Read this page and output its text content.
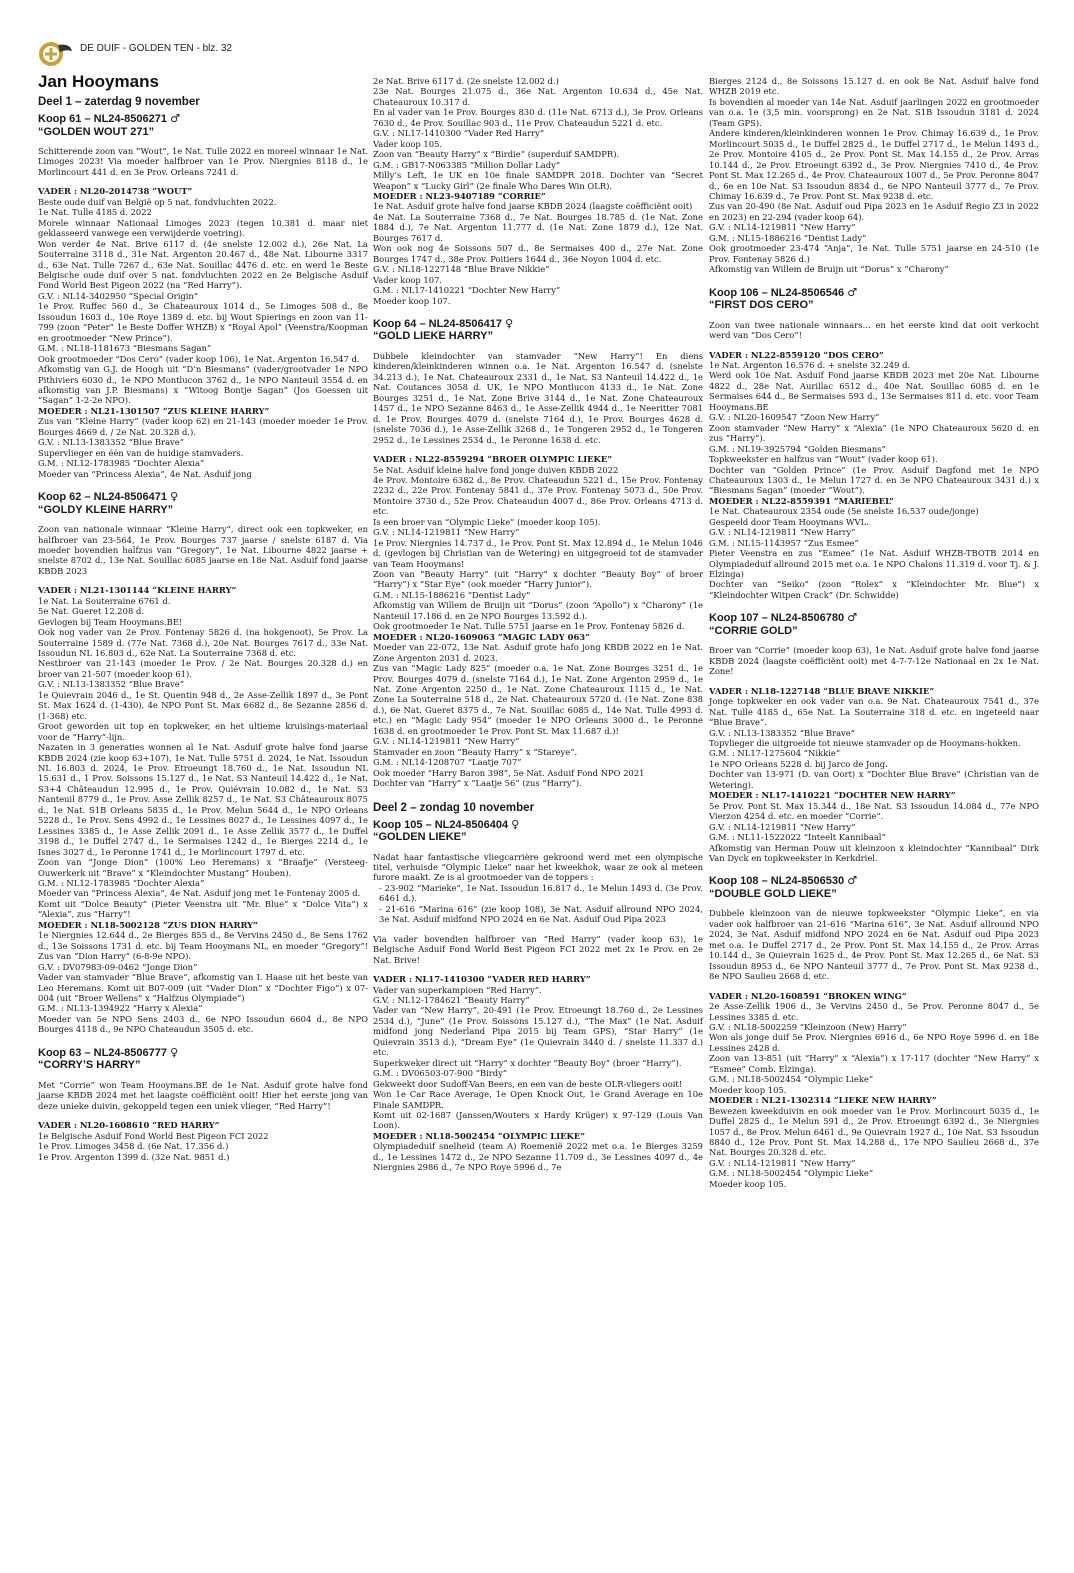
DE DUIF - GOLDEN TEN - blz. 32
Jan Hooymans
Deel 1 – zaterdag 9 november
Koop 61 – NL24-8506271 ♂
“GOLDEN WOUT 271”

Schitterende zoon van “Wout”, 1e Nat. Tulle 2022 en moreel winnaar 1e Nat. Limoges 2023! Via moeder halfbroer van 1e Prov. Niergnies 8118 d., 1e Morlincourt 441 d. en 3e Prov. Orleans 7241 d.

VADER : NL20-2014738 “WOUT”

Beste oude duif van België op 5 nat. fondvluchten 2022.

1e Nat. Tulle 4185 d. 2022

Morele winnaar Nationaal Limoges 2023 (tegen 10.381 d. maar niet geklasseerd vanwege een verwijderde voetring).

Won verder 4e Nat. Brive 6117 d. (4e snelste 12.002 d.), 26e Nat. La Souterraine 3118 d., 31e Nat. Argenton 20.467 d., 48e Nat. Libourne 3317 d., 63e Nat. Tulle 7267 d., 63e Nat. Souillac 4476 d. etc. en werd 1e Beste Belgische oude duif over 5 nat. fondvluchten 2022 en 2e Belgische Asduif Fond World Best Pigeon 2022 (na “Red Harry”).

G.V. : NL14-3402950 “Special Origin”

1e Prov. Ruffec 560 d., 3e Chateauroux 1014 d., 5e Limoges 508 d., 8e Issoudun 1603 d., 10e Roye 1389 d. etc. bij Wout Spierings en zoon van 11-799 (zoon “Peter” 1e Beste Doffer WHZB) x “Royal Apol” (Veenstra/Koopman en grootmoeder “New Prince”).

G.M. : NL18-1181673 “Biesmans Sagan”

Ook grootmoeder “Dos Cero” (vader koop 106), 1e Nat. Argenton 16.547 d.

Afkomstig van G.J. de Hoogh uit “D’n Biesmans” (vader/grootvader 1e NPO Pithiviers 6030 d., 1e NPO Montlucon 3762 d., 1e NPO Nanteuil 3554 d. en afkomstig van J.P. Biesmans) x “Witoog Bontje Sagan” (Jos Goessen uit “Sagan” 1-2-2e NPO).

MOEDER : NL21-1301507 “ZUS KLEINE HARRY”

Zus van “Kleine Harry” (vader koop 62) en 21-143 (moeder moeder 1e Prov. Bourges 4669 d. / 2e Nat. 20.328 d.).

G.V. : NL13-1383352 “Blue Brave”

Supervlieger en één van de huidige stamvaders.

G.M. : NL12-1783985 “Dochter Alexia”

Moeder van “Princess Alexia”, 4e Nat. Asduif jong

Koop 62 – NL24-8506471 ♀
“GOLDY KLEINE HARRY”

Zoon van nationale winnaar “Kleine Harry”, direct ook een topkweker, en halfbroer van 23-564, 1e Prov. Bourges 737 jaarse / snelste 6187 d. Via moeder bovendien halfzus van “Gregory”, 1e Nat. Libourne 4822 jaarse + snelste 8702 d., 13e Nat. Souillac 6085 jaarse en 18e Nat. Asduif fond jaarse KBDB 2023

VADER : NL21-1301144 “KLEINE HARRY”

1e Nat. La Souterraine 6761 d.

5e Nat. Gueret 12.208 d.

Gevlogen bij Team Hooymans.BE!

Ook nog vader van 2e Prov. Fontenay 5826 d. (na hokgenoot), 5e Prov. La Souterraine 1589 d. (77e Nat. 7368 d.), 20e Nat. Bourges 7617 d., 33e Nat. Issoudun NL 16.803 d., 62e Nat. La Souterraine 7368 d. etc.

Nestbroer van 21-143 (moeder 1e Prov. / 2e Nat. Bourges 20.328 d.) en broer van 21-507 (moeder koop 61).

G.V. : NL13-1383352 “Blue Brave”

1e Quievrain 2046 d., 1e St. Quentin 948 d., 2e Asse-Zellik 1897 d., 3e Pont St. Max 1624 d. (1-430), 4e NPO Pont St. Max 6682 d., 8e Sezanne 2856 d. (1-368) etc.

Groot geworden uit top en topkweker, en het ultieme kruisings-materiaal voor de “Harry”-lijn.

Nazaten in 3 generaties wonnen al 1e Nat. Asduif grote halve fond jaarse KBDB 2024 (zie koop 63+107), 1e Nat. Tulle 5751 d. 2024, 1e Nat. Issoudun NL 16.803 d. 2024, 1e Prov. Etroeungt 18.760 d., 1e Nat. Issoudun NL 15.631 d., 1 Prov. Soissons 15.127 d., 1e Nat. S3 Nanteuil 14.422 d., 1e Nat. S3+4 Châteaudun 12.995 d., 1e Prov. Quiévrain 10.082 d., 1e Nat. S3 Nanteuil 8779 d., 1e Prov. Asse Zellik 8257 d., 1e Nat. S3 Châteauroux 8075 d., 1e Nat. S1B Orleans 5835 d., 1e Prov. Melun 5644 d., 1e NPO Orleans 5228 d., 1e Prov. Sens 4992 d., 1e Lessines 8027 d., 1e Lessines 4097 d., 1e Lessines 3385 d., 1e Asse Zellik 2091 d., 1e Asse Zellik 3577 d., 1e Duffel 3198 d., 1e Duffel 2747 d., 1e Sermaises 1242 d., 1e Bierges 2214 d., 1e Isnes 3027 d., 1e Peronne 1741 d., 1e Morlincourt 1797 d. etc.

Zoon van “Jonge Dion” (100% Leo Heremans) x “Braafje” (Versteeg-Ouwerkerk uit “Brave” x “Kleindochter Mustang” Houben).

G.M. : NL12-1783985 “Dochter Alexia”

Moeder van “Princess Alexia”, 4e Nat. Asduif jong met 1e Fontenay 2005 d.

Komt uit “Dolce Beauty” (Pieter Veenstra uit “Mr. Blue” x “Dolce Vita”) x “Alexia”, zus “Harry”!

MOEDER : NL18-5002128 “ZUS DION HARRY”

1e Niergnies 12.644 d., 2e Bierges 855 d., 8e Vervins 2450 d., 8e Sens 1762 d., 13e Soissons 1731 d. etc. bij Team Hooymans NL, en moeder “Gregory”! Zus van “Dion Harry” (6-8-9e NPO).

G.V. : DV07983-09-0462 “Jonge Dion”

Vader van stamvader “Blue Brave”, afkomstig van I. Haase uit het beste van Leo Heremans. Komt uit B07-009 (uit “Vader Dion” x “Dochter Figo”) x 07-004 (uit “Broer Wellens” x “Halfzus Olympiade”)

G.M. : NL13-1394922 “Harry x Alexia”

Moeder van 5e NPO Sens 2403 d., 6e NPO Issoudun 6604 d., 8e NPO Bourges 4118 d., 9e NPO Chateaudun 3505 d. etc.

Koop 63 – NL24-8506777 ♀
“CORRY’S HARRY”

Met “Corrie” won Team Hooymans.BE de 1e Nat. Asduif grote halve fond jaarse KBDB 2024 met het laagste coëfficiënt ooit! Hier het eerste jong van deze unieke duivin, gekoppeld tegen een uniek vlieger, “Red Harry”!

VADER : NL20-1608610 “RED HARRY”

1e Belgische Asduif Fond World Best Pigeon FCI 2022

1e Prov. Limoges 3458 d. (6e Nat. 17.356 d.)

1e Prov. Argenton 1399 d. (32e Nat. 9851 d.)

2e Nat. Brive 6117 d. (2e snelste 12.002 d.)

23e Nat. Bourges 21.075 d., 36e Nat. Argenton 10.634 d., 45e Nat. Chateauroux 10.317 d.

En al vader van 1e Prov. Bourges 830 d. (11e Nat. 6713 d.), 3e Prov. Orleans 7630 d., 4e Prov. Souillac 903 d., 11e Prov. Chateaudun 5221 d. etc.

G.V. : NL17-1410300 “Vader Red Harry”

Vader koop 105.

Zoon van “Beauty Harry” x “Birdie” (superduif SAMDPR).

G.M. : GB17-N063385 “Million Dollar Lady”

Milly’s Left, 1e UK en 10e finale SAMDPR 2018. Dochter van “Secret Weapon” x “Lucky Girl” (2e finale Who Dares Win OLR).

MOEDER : NL23-9407189 “CORRIE”

1e Nat. Asduif grote halve fond jaarse KBDB 2024 (laagste coëfficiënt ooit)

4e Nat. La Souterraine 7368 d., 7e Nat. Bourges 18.785 d. (1e Nat. Zone 1884 d.), 7e Nat. Argenton 11.777 d. (1e Nat. Zone 1879 d.), 12e Nat. Bourges 7617 d.

Won ook nog 4e Soissons 507 d., 8e Sermaises 400 d., 27e Nat. Zone Bourges 1747 d., 38e Prov. Poitiers 1644 d., 36e Noyon 1004 d. etc.

G.V. : NL18-1227148 “Blue Brave Nikkie”

Vader koop 107.

G.M. : NL17-1410221 “Dochter New Harry”

Moeder koop 107.

Koop 64 – NL24-8506417 ♀
“GOLD LIEKE HARRY”

Dubbele kleindochter van stamvader “New Harry”! En diens kinderen/kleinkinderen winnen o.a. 1e Nat. Argenton 16.547 d. (snelste 34.213 d.), 1e Nat. Chateauroux 2331 d., 1e Nat. S3 Nanteuil 14.422 d., 1e Nat. Coutances 3058 d. UK, 1e NPO Montlucon 4133 d., 1e Nat. Zone Bourges 3251 d., 1e Nat. Zone Brive 3144 d., 1e Nat. Zone Chateauroux 1457 d., 1e NPO Sezanne 8463 d., 1e Asse-Zellik 4944 d., 1e Neeritter 7081 d. 1e Prov. Bourges 4079 d. (snelste 7164 d.), 1e Prov. Bourges 4628 d. (snelste 7036 d.), 1e Asse-Zellik 3268 d., 1e Tongeren 2952 d., 1e Tongeren 2952 d., 1e Lessines 2534 d., 1e Peronne 1638 d. etc.

VADER : NL22-8559294 “BROER OLYMPIC LIEKE”

5e Nat. Asduif kleine halve fond jonge duiven KBDB 2022

4e Prov. Montoire 6382 d., 8e Prov. Chateaudun 5221 d., 15e Prov. Fontenay 2232 d., 22e Prov. Fontenay 5841 d., 37e Prov. Fontenay 5073 d., 50e Prov. Montoire 3730 d., 52e Prov. Chateaudun 4007 d., 86e Prov. Orleans 4713 d. etc.

Is een broer van “Olympic Lieke” (moeder koop 105).

G.V. : NL14-1219811 “New Harry”

1e Prov. Niergnies 14.737 d., 1e Prov. Pont St. Max 12.894 d., 1e Melun 1046 d. (gevlogen bij Christian van de Wetering) en uitgegroeid tot de stamvader van Team Hooymans!

Zoon van “Beauty Harry” (uit “Harry” x dochter “Beauty Boy” of broer “Harry”) x “Star Eye” (ook moeder “Harry Junior”).

G.M. : NL15-1886216 “Dentist Lady”

Afkomstig van Willem de Bruijn uit “Dorus” (zoon “Apollo”) x “Charony” (1e Nanteuil 17.186 d. en 2e NPO Bourges 13.592 d.).

Ook grootmoeder 1e Nat. Tulle 5751 jaarse en 1e Prov. Fontenay 5826 d.

MOEDER : NL20-1609063 “MAGIC LADY 063”

Moeder van 22-072, 13e Nat. Asduif grote hafo jong KBDB 2022 en 1e Nat. Zone Argenton 2031 d. 2023.

Zus van “Magic Lady 825” (moeder o.a. 1e Nat. Zone Bourges 3251 d., 1e Prov. Bourges 4079 d. (snelste 7164 d.), 1e Nat. Zone Argenton 2959 d., 1e Nat. Zone Argenton 2250 d., 1e Nat. Zone Chateauroux 1115 d., 1e Nat. Zone La Souterraine 518 d., 2e Nat. Chateauroux 5720 d. (1e Nat. Zone 838 d.), 6e Nat. Gueret 8375 d., 7e Nat. Souillac 6085 d., 14e Nat. Tulle 4993 d. etc.) en “Magic Lady 954” (moeder 1e NPO Orleans 3000 d., 1e Peronne 1638 d. en grootmoeder 1e Prov. Pont St. Max 11.687 d.)!

G.V. : NL14-1219811 “New Harry”

Stamvader en zoon “Beauty Harry” x “Stareye”.

G.M. : NL14-1208707 “Laatje 707”

Ook moeder “Harry Baron 398”, 5e Nat. Asduif Fond NPO 2021

Dochter van “Harry” x “Laatje 56” (zus “Harry”).

Deel 2 – zondag 10 november
Koop 105 – NL24-8506404 ♀
“GOLDEN LIEKE”

Nadat haar fantastische vliegcarrière gekroond werd met een olympische titel, verhuisde “Olympic Lieke” naar het kweekhok, waar ze ook al meteen furore maakt. Ze is al grootmoeder van de toppers :

- 23-902 “Marieke”, 1e Nat. Issoudun 16.817 d., 1e Melun 1493 d. (3e Prov. 6461 d.).

- 21-616 “Marina 616” (zie koop 108), 3e Nat. Asduif allround NPO 2024, 3e Nat. Asduif midfond NPO 2024 en 6e Nat. Asduif Oud Pipa 2023

Via vader bovendien halfbroer van “Red Harry” (vader koop 63), 1e Belgische Asduif Fond World Best Pigeon FCI 2022 met 2x 1e Prov. en 2e Nat. Brive!

VADER : NL17-1410300 “VADER RED HARRY”

Vader van superkampioen “Red Harry”.

G.V. : NL12-1784621 “Beauty Harry”

Vader van “New Harry”, 20-491 (1e Prov. Etroeungt 18.760 d., 2e Lessines 2534 d.), “June” (1e Prov. Soissons 15.127 d.), “The Max” (1e Nat. Asduif midfond jong Nederland Pipa 2015 bij Team GPS), “Star Harry” (1e Quievrain 3513 d.), “Dream Eye” (1e Quievrain 3440 d. / snelste 11.337 d.) etc.

Superkweker direct uit “Harry” x dochter “Beauty Boy” (broer “Harry”).

G.M. : DV06503-07-900 “Birdy”

Gekweekt door Sudoff-Van Beers, en een van de beste OLR-vliegers ooit!

Won 1e Car Race Average, 1e Open Knock Out, 1e Grand Average en 10e Finale SAMDPR.

Komt uit 02-1687 (Janssen/Wouters x Hardy Krüger) x 97-129 (Louis Van Loon).

MOEDER : NL18-5002454 “OLYMPIC LIEKE”

Olympiadeduif snelheid (team A) Roemenië 2022 met o.a. 1e Bierges 3259 d., 1e Lessines 1472 d., 2e NPO Sezanne 11.709 d., 3e Lessines 4097 d., 4e Niergnies 2986 d., 7e NPO Roye 5996 d., 7e

Bierges 2124 d., 8e Soissons 15.127 d. en ook 8e Nat. Asduif halve fond WHZB 2019 etc.

Is bovendien al moeder van 14e Nat. Asduif jaarlingen 2022 en grootmoeder van o.a. 1e (3,5 min. voorsprong) en 2e Nat. S1B Issoudun 3181 d. 2024 (Team GPS).

Andere kinderen/kleinkinderen wonnen 1e Prov. Chimay 16.639 d., 1e Prov. Morlincourt 5035 d., 1e Duffel 2825 d., 1e Duffel 2717 d., 1e Melun 1493 d., 2e Prov. Montoire 4105 d., 2e Prov. Pont St. Max 14.155 d., 2e Prov. Arras 10.144 d., 2e Prov. Etroeungt 6392 d., 3e Prov. Niergnies 7410 d., 4e Prov. Pont St. Max 12.265 d., 4e Prov. Chateauroux 1007 d., 5e Prov. Peronne 8047 d., 6e en 10e Nat. S3 Issoudun 8834 d., 6e NPO Nanteuil 3777 d., 7e Prov. Chimay 16.639 d., 7e Prov. Pont St. Max 9238 d. etc.

Zus van 20-490 (8e Nat. Asduif oud Pipa 2023 en 1e Asduif Regio Z3 in 2022 en 2023) en 22-294 (vader koop 64).

G.V. : NL14-1219811 “New Harry”

G.M. : NL15-1886216 “Dentist Lady”

Ook grootmoeder 23-474 “Anja”, 1e Nat. Tulle 5751 jaarse en 24-510 (1e Prov. Fontenay 5826 d.)

Afkomstig van Willem de Bruijn uit “Dorus” x “Charony”

Koop 106 – NL24-8506546 ♂
“FIRST DOS CERO”

Zoon van twee nationale winnaars… en het eerste kind dat ooit verkocht werd van “Dos Cero”!

VADER : NL22-8559120 “DOS CERO”

1e Nat. Argenton 16.576 d. + snelste 32.249 d.

Werd ook 10e Nat. Asduif Fond jaarse KBDB 2023 met 20e Nat. Libourne 4822 d., 28e Nat. Aurillac 6512 d., 40e Nat. Souillac 6085 d. en 1e Sermaises 644 d., 8e Sermaises 593 d., 13e Sermaises 811 d. etc. voor Team Hooymans.BE

G.V. : NL20-1609547 “Zoon New Harry”

Zoon stamvader “New Harry” x “Alexia” (1e NPO Chateauroux 5620 d. en zus “Harry”).

G.M. : NL19-3925794 “Golden Biesmans”

Topkweekster en halfzus van “Wout” (vader koop 61).

Dochter van “Golden Prince” (1e Prov. Asduif Dagfond met 1e NPO Chateauroux 1303 d., 1e Melun 1727 d. en 3e NPO Chateauroux 3431 d.) x “Biesmans Sagan” (moeder “Wout”).

MOEDER : NL22-8559391 “MARIEBEL”

1e Nat. Chateauroux 2354 oude (5e snelste 16.537 oude/jonge)

Gespeeld door Team Hooymans WVL.

G.V. : NL14-1219811 “New Harry”

G.M. : NL15-1143957 “Zus Esmee”

Pieter Veenstra en zus “Esmee” (1e Nat. Asduif WHZB-TBOTB 2014 en Olympiadeduif allround 2015 met o.a. 1e NPO Chalons 11.319 d. voor Tj. & J. Elzinga)

Dochter van “Seiko” (zoon “Rolex” x “Kleindochter Mr. Blue”) x “Kleindochter Witpen Crack” (Dr. Schwidde)

Koop 107 – NL24-8506780 ♂
“CORRIE GOLD”

Broer van “Corrie” (moeder koop 63), 1e Nat. Asduif grote halve fond jaarse KBDB 2024 (laagste coëfficiënt ooit) met 4-7-7-12e Nationaal en 2x 1e Nat. Zone!

VADER : NL18-1227148 “BLUE BRAVE NIKKIE”

Jonge topkweker en ook vader van o.a. 9e Nat. Chateauroux 7541 d., 37e Nat. Tulle 4185 d., 65e Nat. La Souterraine 318 d. etc. en ingeteeld naar “Blue Brave”.

G.V. : NL13-1383352 “Blue Brave”

Topvlieger die uitgroeide tot nieuwe stamvader op de Hooymans-hokken.

G.M. : NL17-1275604 “Nikkie”

1e NPO Orleans 5228 d. bij Jarco de Jong.

Dochter van 13-971 (D. van Oort) x “Dochter Blue Brave” (Christian van de Wetering).

MOEDER : NL17-1410221 “DOCHTER NEW HARRY”

5e Prov. Pont St. Max 15.344 d., 18e Nat. S3 Issoudun 14.084 d., 77e NPO Vierzon 4254 d. etc. en moeder “Corrie”.

G.V. : NL14-1219811 “New Harry”

G.M. : NL11-1522022 “Inteelt Kannibaal”

Afkomstig van Herman Pouw uit kleinzoon x kleindochter “Kannibaal” Dirk Van Dyck en topkweekster in Kerkdriel.

Koop 108 – NL24-8506530 ♂
“DOUBLE GOLD LIEKE”

Dubbele kleinzoon van de nieuwe topkweekster “Olympic Lieke”, en via vader ook halfbroer van 21-616 “Marina 616”, 3e Nat. Asduif allround NPO 2024, 3e Nat. Asduif midfond NPO 2024 en 6e Nat. Asduif oud Pipa 2023 met o.a. 1e Duffel 2717 d., 2e Prov. Pont St. Max 14.155 d., 2e Prov. Arras 10.144 d., 3e Quievrain 1625 d., 4e Prov. Pont St. Max 12.265 d., 6e Nat. S3 Issoudun 8953 d., 6e NPO Nanteuil 3777 d., 7e Prov. Pont St. Max 9238 d., 8e NPO Saulieu 2668 d. etc.

VADER : NL20-1608591 “BROKEN WING”

2e Asse-Zellik 1906 d., 3e Vervins 2450 d., 5e Prov. Peronne 8047 d., 5e Lessines 3385 d. etc.

G.V. : NL18-5002259 “Kleinzoon (New) Harry”

Won als jonge duif 5e Prov. Niergnies 6916 d., 6e NPO Roye 5996 d. en 18e Lessines 2428 d.

Zoon van 13-851 (uit “Harry” x “Alexia”) x 17-117 (dochter “New Harry” x “Esmee” Comb. Elzinga).

G.M. : NL18-5002454 “Olympic Lieke”

Moeder koop 105.

MOEDER : NL21-1302314 “LIEKE NEW HARRY”

Bewezen kweekduivin en ook moeder van 1e Prov. Morlincourt 5035 d., 1e Duffel 2825 d., 1e Melun 591 d., 2e Prov. Etroeungt 6392 d., 3e Niergnies 1057 d., 8e Prov. Melun 6461 d., 9e Quievrain 1927 d., 10e Nat. S3 Issoudun 8840 d., 12e Prov. Pont St. Max 14.288 d., 17e NPO Saulieu 2668 d., 37e Nat. Bourges 20.328 d. etc.

G.V. : NL14-1219811 “New Harry”

G.M. : NL18-5002454 “Olympic Lieke”

Moeder koop 105.
